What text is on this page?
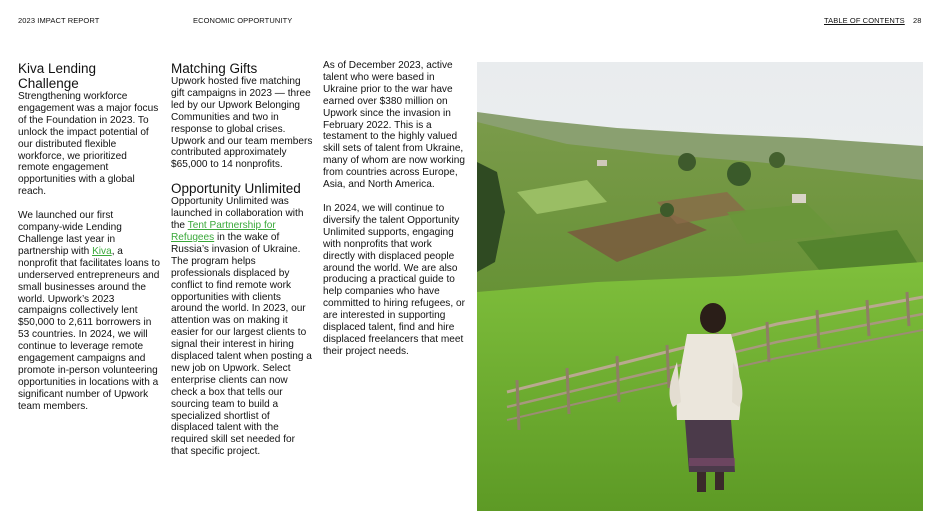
2023 IMPACT REPORT	ECONOMIC OPPORTUNITY	TABLE OF CONTENTS 28
Kiva Lending Challenge

Strengthening workforce engagement was a major focus of the Foundation in 2023. To unlock the impact potential of our distributed flexible workforce, we prioritized remote engagement opportunities with a global reach.

We launched our first company-wide Lending Challenge last year in partnership with Kiva, a nonprofit that facilitates loans to underserved entrepreneurs and small businesses around the world. Upwork’s 2023 campaigns collectively lent $50,000 to 2,611 borrowers in 53 countries. In 2024, we will continue to leverage remote engagement campaigns and promote in-person volunteering opportunities in locations with a significant number of Upwork team members.

Matching Gifts

Upwork hosted five matching gift campaigns in 2023 — three led by our Upwork Belonging Communities and two in response to global crises. Upwork and our team members contributed approximately $65,000 to 14 nonprofits.

Opportunity Unlimited

Opportunity Unlimited was launched in collaboration with the Tent Partnership for Refugees in the wake of Russia’s invasion of Ukraine. The program helps professionals displaced by conflict to find remote work opportunities with clients around the world. In 2023, our attention was on making it easier for our largest clients to signal their interest in hiring displaced talent when posting a new job on Upwork. Select enterprise clients can now check a box that tells our sourcing team to build a specialized shortlist of displaced talent with the required skill set needed for that specific project.

As of December 2023, active talent who were based in Ukraine prior to the war have earned over $380 million on Upwork since the invasion in February 2022. This is a testament to the highly valued skill sets of talent from Ukraine, many of whom are now working from countries across Europe, Asia, and North America.

In 2024, we will continue to diversify the talent Opportunity Unlimited supports, engaging with nonprofits that work directly with displaced people around the world. We are also producing a practical guide to help companies who have committed to hiring refugees, or are interested in supporting displaced talent, find and hire displaced freelancers that meet their project needs.
